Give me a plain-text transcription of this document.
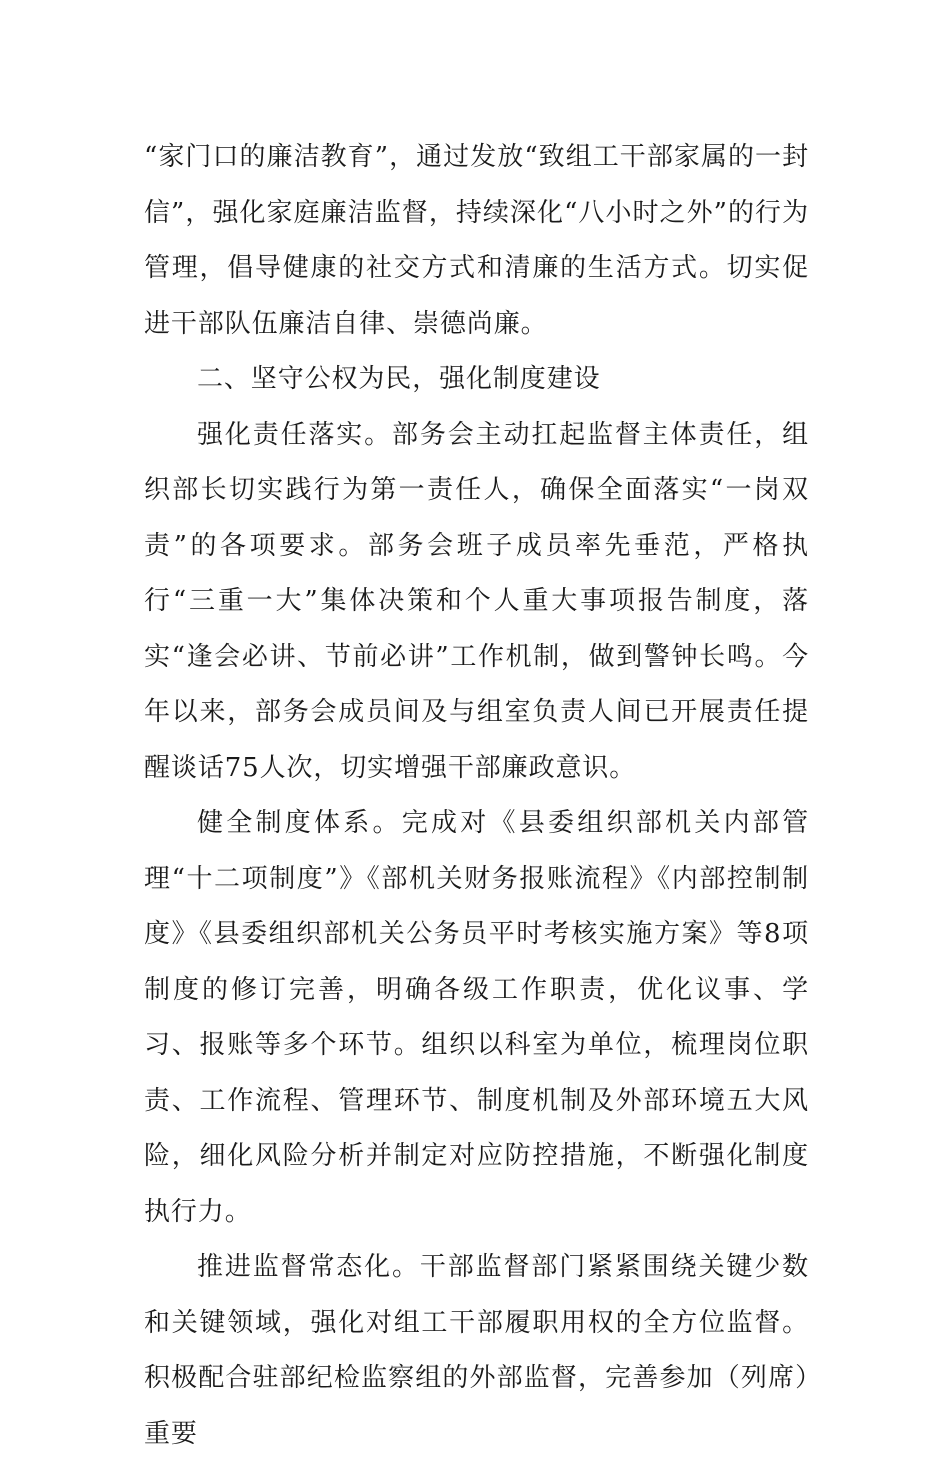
“家门口的廉洁教育”，通过发放“致组工干部家属的一封信”，强化家庭廉洁监督，持续深化“八小时之外”的行为管理，倡导健康的社交方式和清廉的生活方式。切实促进干部队伍廉洁自律、崇德尚廉。

二、坚守公权为民，强化制度建设

强化责任落实。部务会主动扛起监督主体责任，组织部长切实践行为第一责任人，确保全面落实“一岗双责”的各项要求。部务会班子成员率先垂范，严格执行“三重一大”集体决策和个人重大事项报告制度，落实“逢会必讲、节前必讲”工作机制，做到警钟长鸣。今年以来，部务会成员间及与组室负责人间已开展责任提醒谈话75人次，切实增强干部廉政意识。

健全制度体系。完成对《县委组织部机关内部管理“十二项制度”》《部机关财务报账流程》《内部控制制度》《县委组织部机关公务员平时考核实施方案》等8项制度的修订完善，明确各级工作职责，优化议事、学习、报账等多个环节。组织以科室为单位，梳理岗位职责、工作流程、管理环节、制度机制及外部环境五大风险，细化风险分析并制定对应防控措施，不断强化制度执行力。

推进监督常态化。干部监督部门紧紧围绕关键少数和关键领域，强化对组工干部履职用权的全方位监督。积极配合驻部纪检监察组的外部监督，完善参加（列席）重要
